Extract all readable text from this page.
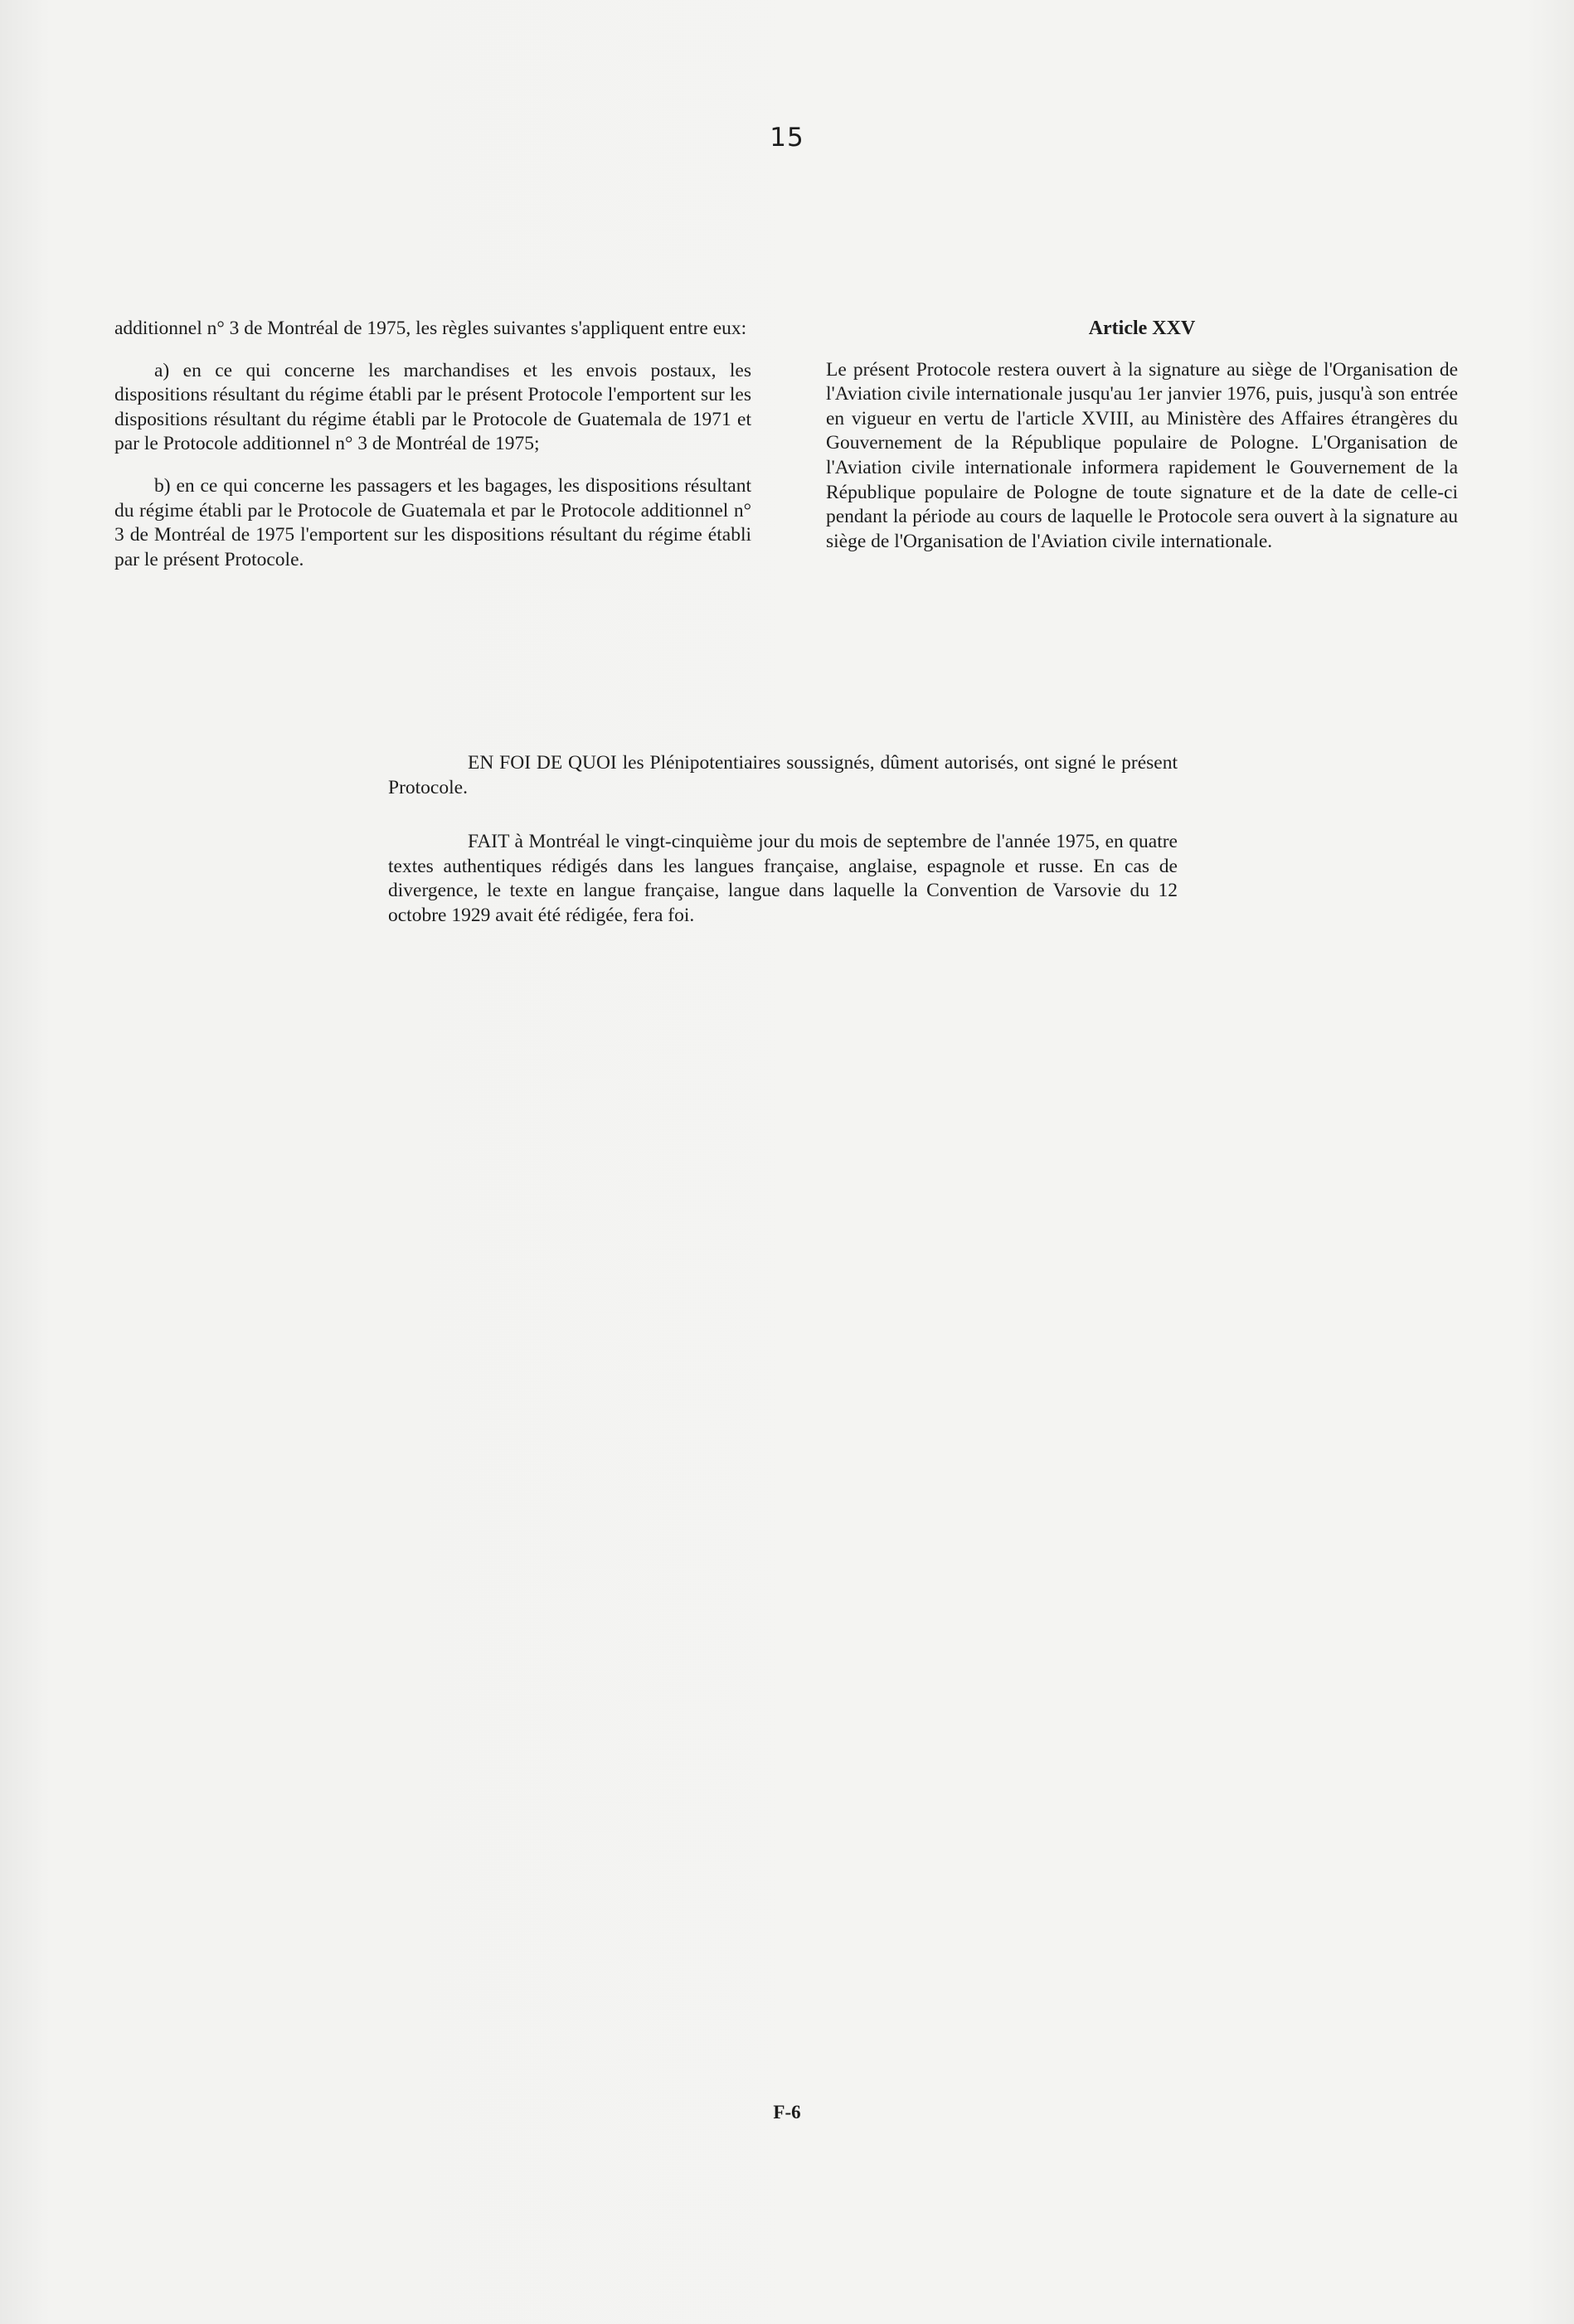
15

additionnel n° 3 de Montréal de 1975, les règles suivantes s'appliquent entre eux:

a) en ce qui concerne les marchandises et les envois postaux, les dispositions résultant du régime établi par le présent Protocole l'emportent sur les dispositions résultant du régime établi par le Protocole de Guatemala de 1971 et par le Protocole additionnel n° 3 de Montréal de 1975;

b) en ce qui concerne les passagers et les bagages, les dispositions résultant du régime établi par le Protocole de Guatemala et par le Protocole additionnel n° 3 de Montréal de 1975 l'emportent sur les dispositions résultant du régime établi par le présent Protocole.

Article XXV

Le présent Protocole restera ouvert à la signature au siège de l'Organisation de l'Aviation civile internationale jusqu'au 1er janvier 1976, puis, jusqu'à son entrée en vigueur en vertu de l'article XVIII, au Ministère des Affaires étrangères du Gouvernement de la République populaire de Pologne. L'Organisation de l'Aviation civile internationale informera rapidement le Gouvernement de la République populaire de Pologne de toute signature et de la date de celle-ci pendant la période au cours de laquelle le Protocole sera ouvert à la signature au siège de l'Organisation de l'Aviation civile internationale.

EN FOI DE QUOI les Plénipotentiaires soussignés, dûment autorisés, ont signé le présent Protocole.

FAIT à Montréal le vingt-cinquième jour du mois de septembre de l'année 1975, en quatre textes authentiques rédigés dans les langues française, anglaise, espagnole et russe. En cas de divergence, le texte en langue française, langue dans laquelle la Convention de Varsovie du 12 octobre 1929 avait été rédigée, fera foi.

F-6
